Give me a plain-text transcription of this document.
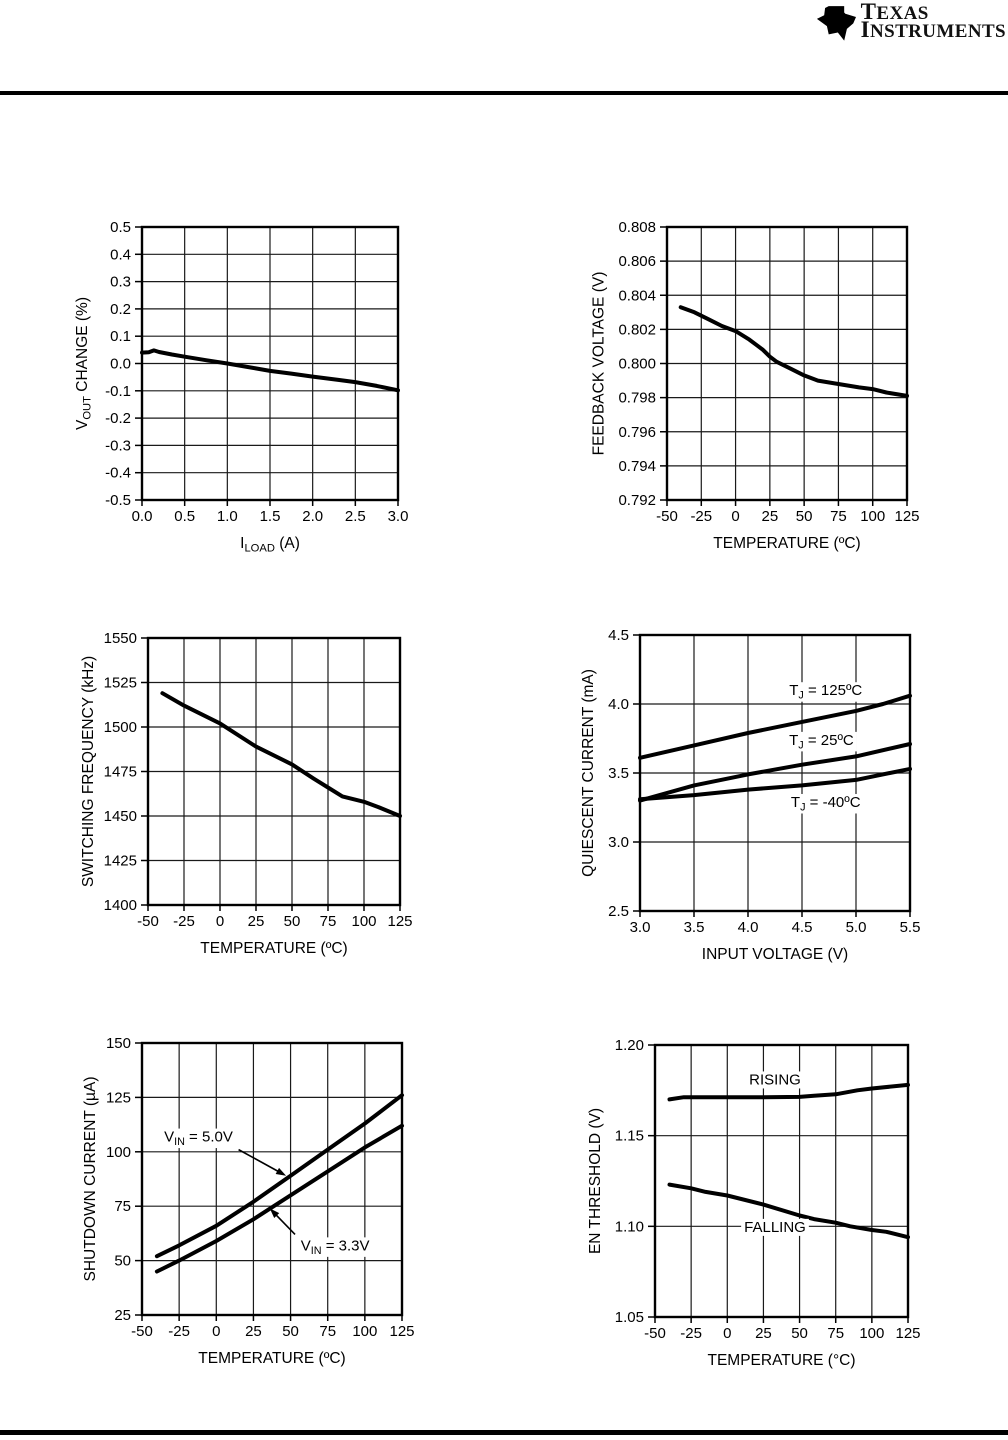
ti TEXAS
INSTRUMENTS
0.0 0.5 1.0 1.5 2.0 2.5 3.0
0.5
0.4
0.3
0.2
0.1
0.0
-0.1
-0.2
-0.3
-0.4
-0.5
$I_{LOAD}$ (A)
$V_{OUT}$ CHANGE (%)
-50 -25 0 25 50 75 100 125
0.808
0.806
0.804
0.802
0.800
0.798
0.796
0.794
0.792
TEMPERATURE (ºC)
FEEDBACK VOLTAGE (V)
-50 -25 0 25 50 75 100 125
1550
1525
1500
1475
1450
1425
1400
TEMPERATURE (ºC)
SWITCHING FREQUENCY (kHz)
3.0 3.5 4.0 4.5 5.0 5.5
4.5
4.0
3.5
3.0
2.5
INPUT VOLTAGE (V)
QUIESCENT CURRENT (mA)	$T_J$ = 125ºC
$T_J$ = 25ºC
$T_J$ = -40ºC
-50 -25 0 25 50 75 100 125
150
125
100
75
50
25
TEMPERATURE (ºC)
SHUTDOWN CURRENT (µA)	$V_{IN} = 5.0V$
$V_{IN} = 3.3V$
-50 -25 0 25 50 75 100 125
1.20
1.15
1.10
1.05
TEMPERATURE (°C)
EN THRESHOLD (V)
RISING
FALLING
